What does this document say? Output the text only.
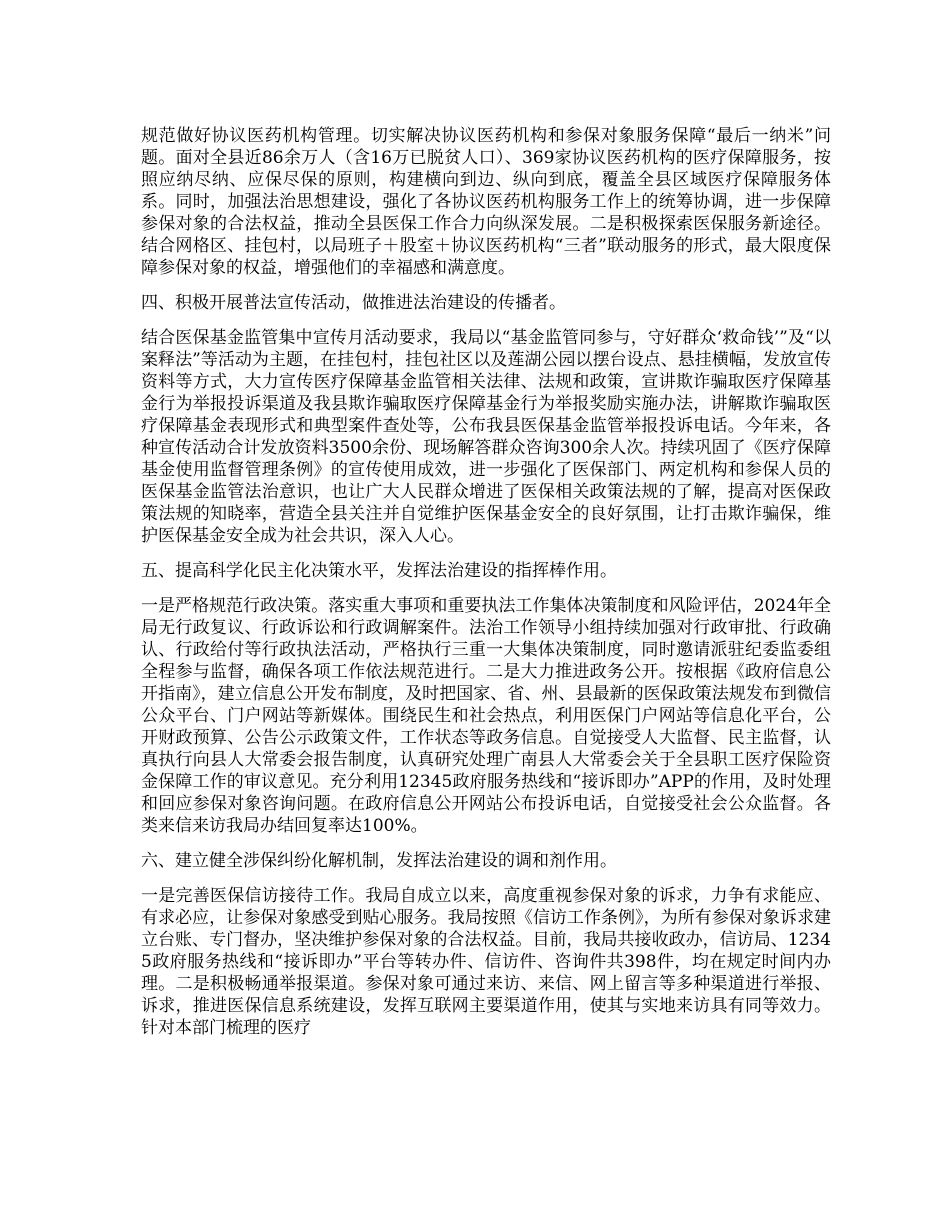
规范做好协议医药机构管理。切实解决协议医药机构和参保对象服务保障“最后一纳米”问题。面对全县近86余万人（含16万已脱贫人口）、369家协议医药机构的医疗保障服务，按照应纳尽纳、应保尽保的原则，构建横向到边、纵向到底，覆盖全县区域医疗保障服务体系。同时，加强法治思想建设，强化了各协议医药机构服务工作上的统筹协调，进一步保障参保对象的合法权益，推动全县医保工作合力向纵深发展。二是积极探索医保服务新途径。结合网格区、挂包村，以局班子＋股室＋协议医药机构“三者”联动服务的形式，最大限度保障参保对象的权益，增强他们的幸福感和满意度。

四、积极开展普法宣传活动，做推进法治建设的传播者。

结合医保基金监管集中宣传月活动要求，我局以“基金监管同参与，守好群众‘救命钱’”及“以案释法”等活动为主题，在挂包村，挂包社区以及莲湖公园以摆台设点、悬挂横幅，发放宣传资料等方式，大力宣传医疗保障基金监管相关法律、法规和政策，宣讲欺诈骗取医疗保障基金行为举报投诉渠道及我县欺诈骗取医疗保障基金行为举报奖励实施办法，讲解欺诈骗取医疗保障基金表现形式和典型案件查处等，公布我县医保基金监管举报投诉电话。今年来，各种宣传活动合计发放资料3500余份、现场解答群众咨询300余人次。持续巩固了《医疗保障基金使用监督管理条例》的宣传使用成效，进一步强化了医保部门、两定机构和参保人员的医保基金监管法治意识，也让广大人民群众增进了医保相关政策法规的了解，提高对医保政策法规的知晓率，营造全县关注并自觉维护医保基金安全的良好氛围，让打击欺诈骗保，维护医保基金安全成为社会共识，深入人心。

五、提高科学化民主化决策水平，发挥法治建设的指挥棒作用。

一是严格规范行政决策。落实重大事项和重要执法工作集体决策制度和风险评估，2024年全局无行政复议、行政诉讼和行政调解案件。法治工作领导小组持续加强对行政审批、行政确认、行政给付等行政执法活动，严格执行三重一大集体决策制度，同时邀请派驻纪委监委组全程参与监督，确保各项工作依法规范进行。二是大力推进政务公开。按根据《政府信息公开指南》，建立信息公开发布制度，及时把国家、省、州、县最新的医保政策法规发布到微信公众平台、门户网站等新媒体。围绕民生和社会热点，利用医保门户网站等信息化平台，公开财政预算、公告公示政策文件，工作状态等政务信息。自觉接受人大监督、民主监督，认真执行向县人大常委会报告制度，认真研究处理广南县人大常委会关于全县职工医疗保险资金保障工作的审议意见。充分利用12345政府服务热线和“接诉即办”APP的作用，及时处理和回应参保对象咨询问题。在政府信息公开网站公布投诉电话，自觉接受社会公众监督。各类来信来访我局办结回复率达100%。

六、建立健全涉保纠纷化解机制，发挥法治建设的调和剂作用。

一是完善医保信访接待工作。我局自成立以来，高度重视参保对象的诉求，力争有求能应、有求必应，让参保对象感受到贴心服务。我局按照《信访工作条例》，为所有参保对象诉求建立台账、专门督办，坚决维护参保对象的合法权益。目前，我局共接收政办，信访局、12345政府服务热线和“接诉即办”平台等转办件、信访件、咨询件共398件，均在规定时间内办理。二是积极畅通举报渠道。参保对象可通过来访、来信、网上留言等多种渠道进行举报、诉求，推进医保信息系统建设，发挥互联网主要渠道作用，使其与实地来访具有同等效力。针对本部门梳理的医疗
